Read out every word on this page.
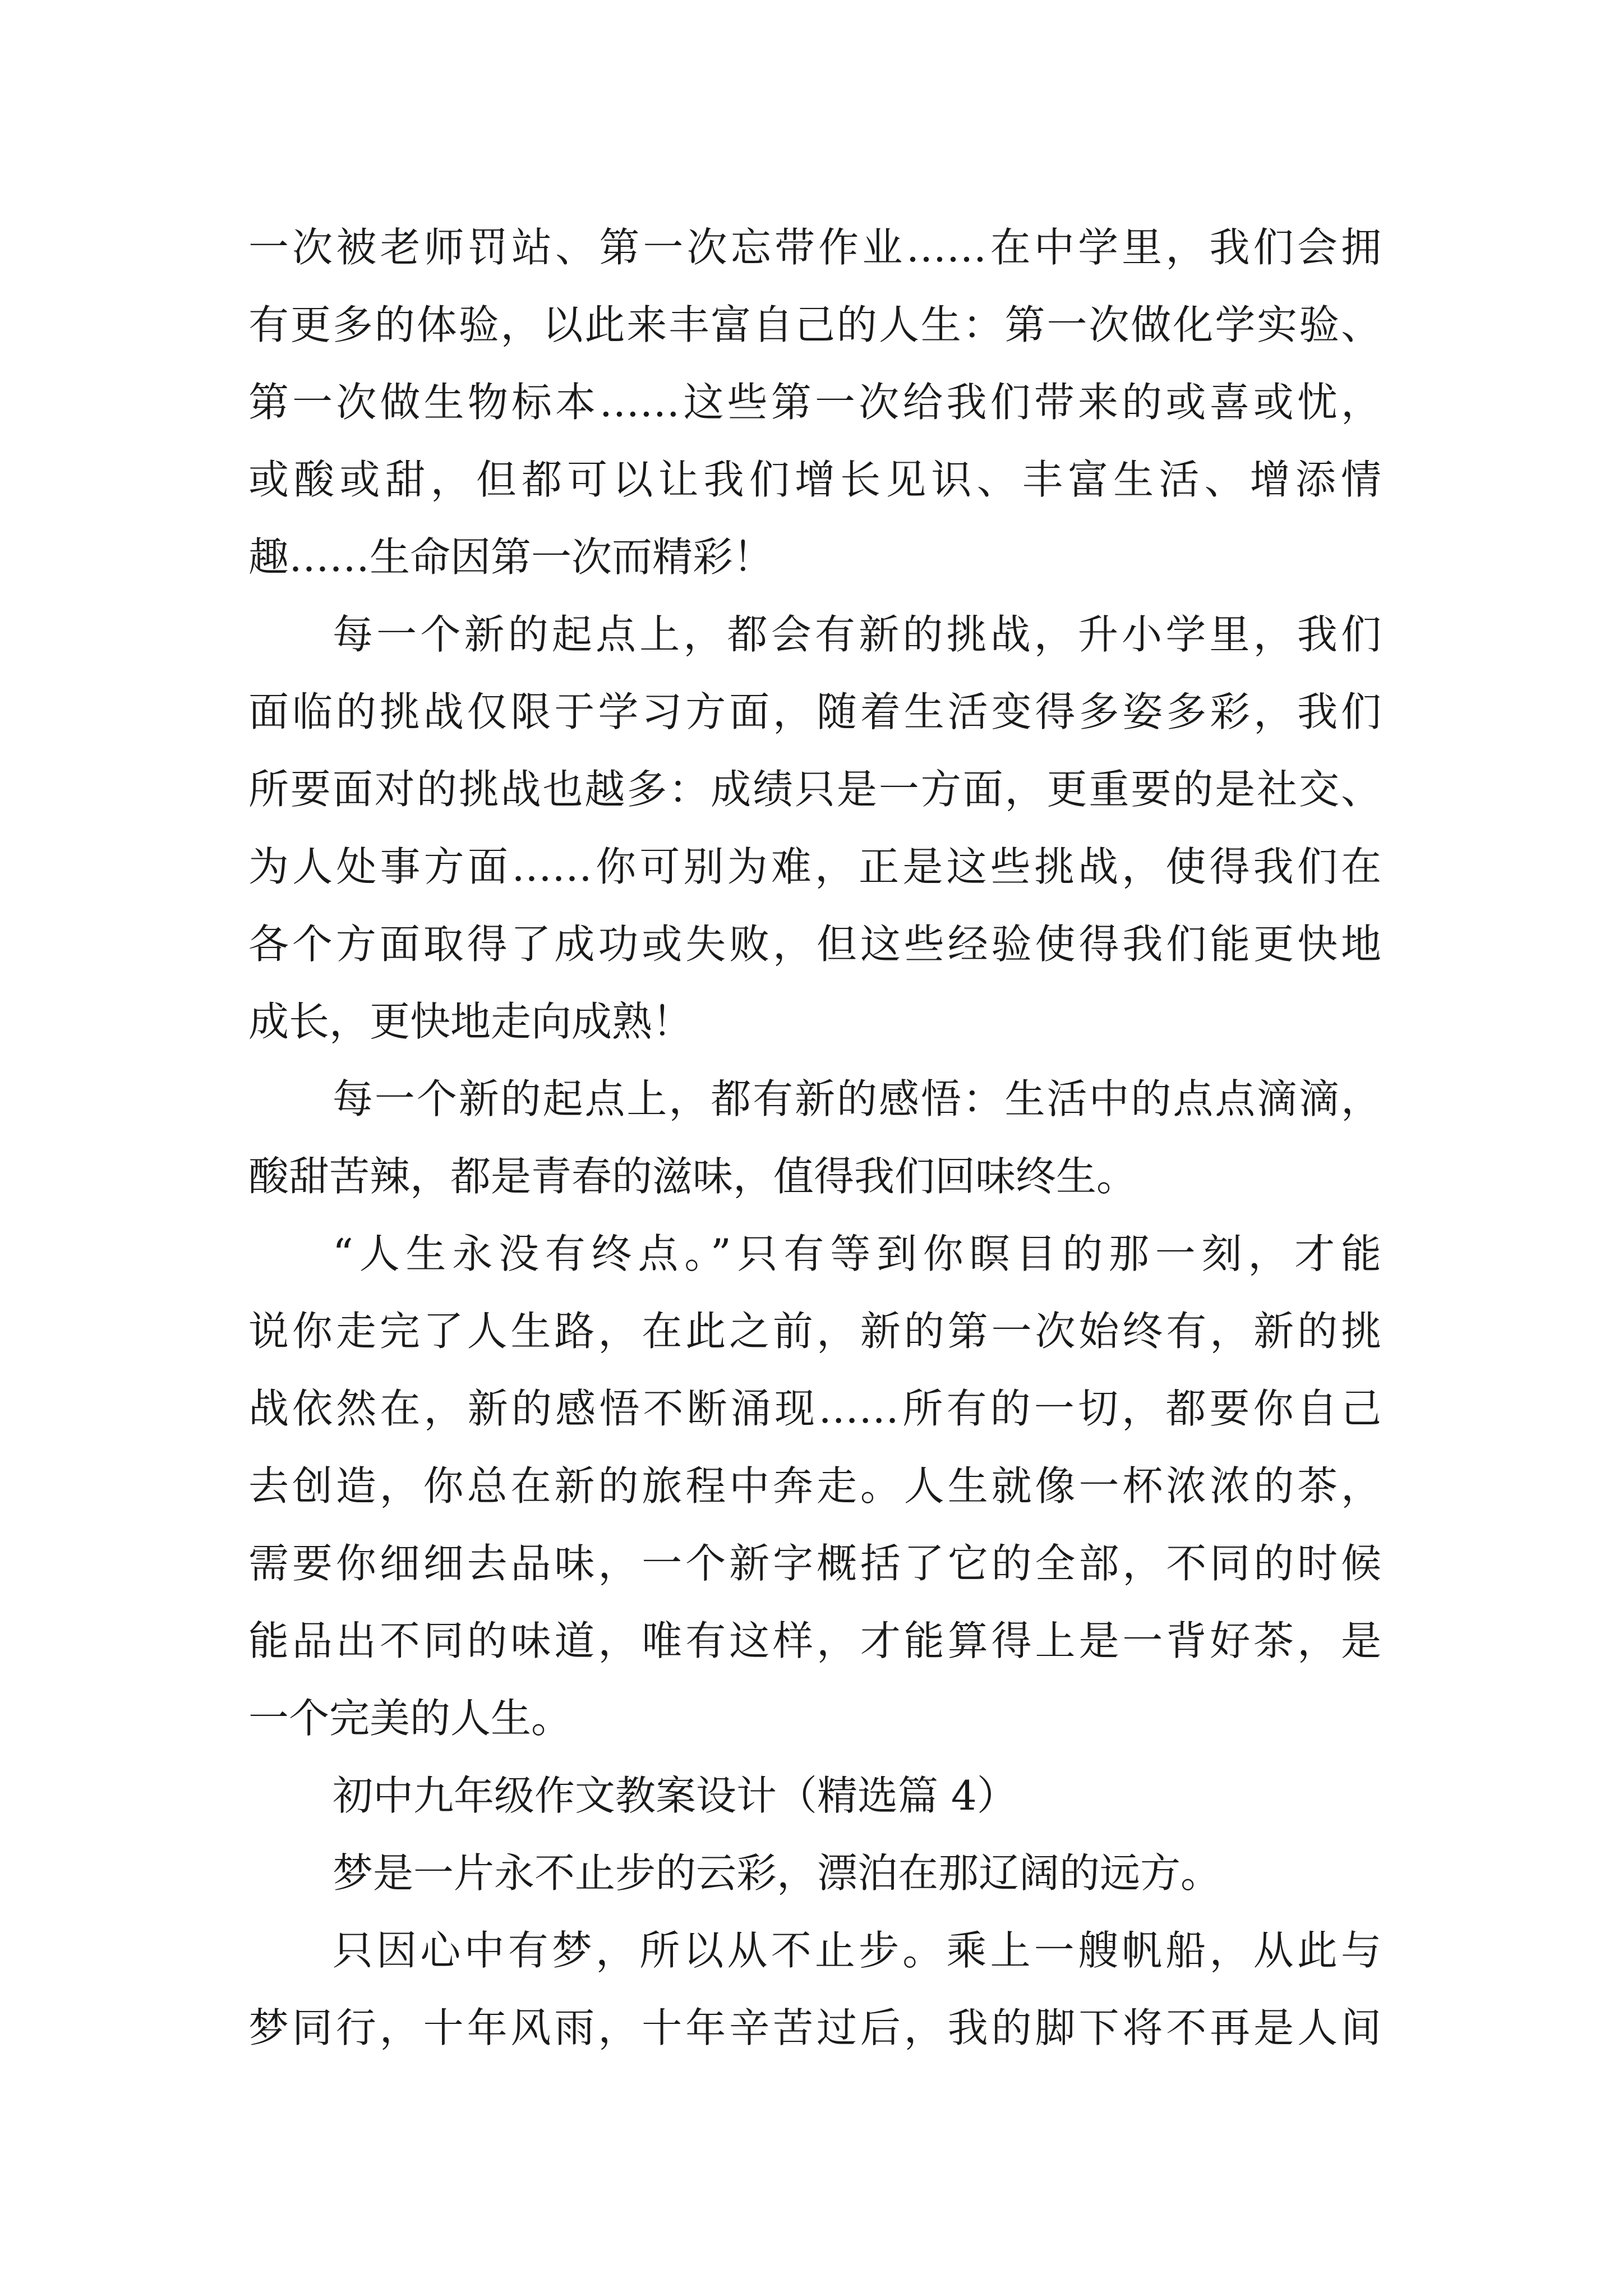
一次被老师罚站、第一次忘带作业……在中学里，我们会拥
有更多的体验，以此来丰富自己的人生：第一次做化学实验、
第一次做生物标本……这些第一次给我们带来的或喜或忧，
或酸或甜，但都可以让我们增长见识、丰富生活、增添情
趣……生命因第一次而精彩！
每一个新的起点上，都会有新的挑战，升小学里，我们
面临的挑战仅限于学习方面，随着生活变得多姿多彩，我们
所要面对的挑战也越多：成绩只是一方面，更重要的是社交、
为人处事方面……你可别为难，正是这些挑战，使得我们在
各个方面取得了成功或失败，但这些经验使得我们能更快地
成长，更快地走向成熟！
每一个新的起点上，都有新的感悟：生活中的点点滴滴，
酸甜苦辣，都是青春的滋味，值得我们回味终生。
“人生永没有终点。”只有等到你瞑目的那一刻，才能
说你走完了人生路，在此之前，新的第一次始终有，新的挑
战依然在，新的感悟不断涌现……所有的一切，都要你自己
去创造，你总在新的旅程中奔走。人生就像一杯浓浓的茶，
需要你细细去品味，一个新字概括了它的全部，不同的时候
能品出不同的味道，唯有这样，才能算得上是一背好茶，是
一个完美的人生。
初中九年级作文教案设计（精选篇 4）
梦是一片永不止步的云彩，漂泊在那辽阔的远方。
只因心中有梦，所以从不止步。乘上一艘帆船，从此与
梦同行，十年风雨，十年辛苦过后，我的脚下将不再是人间
